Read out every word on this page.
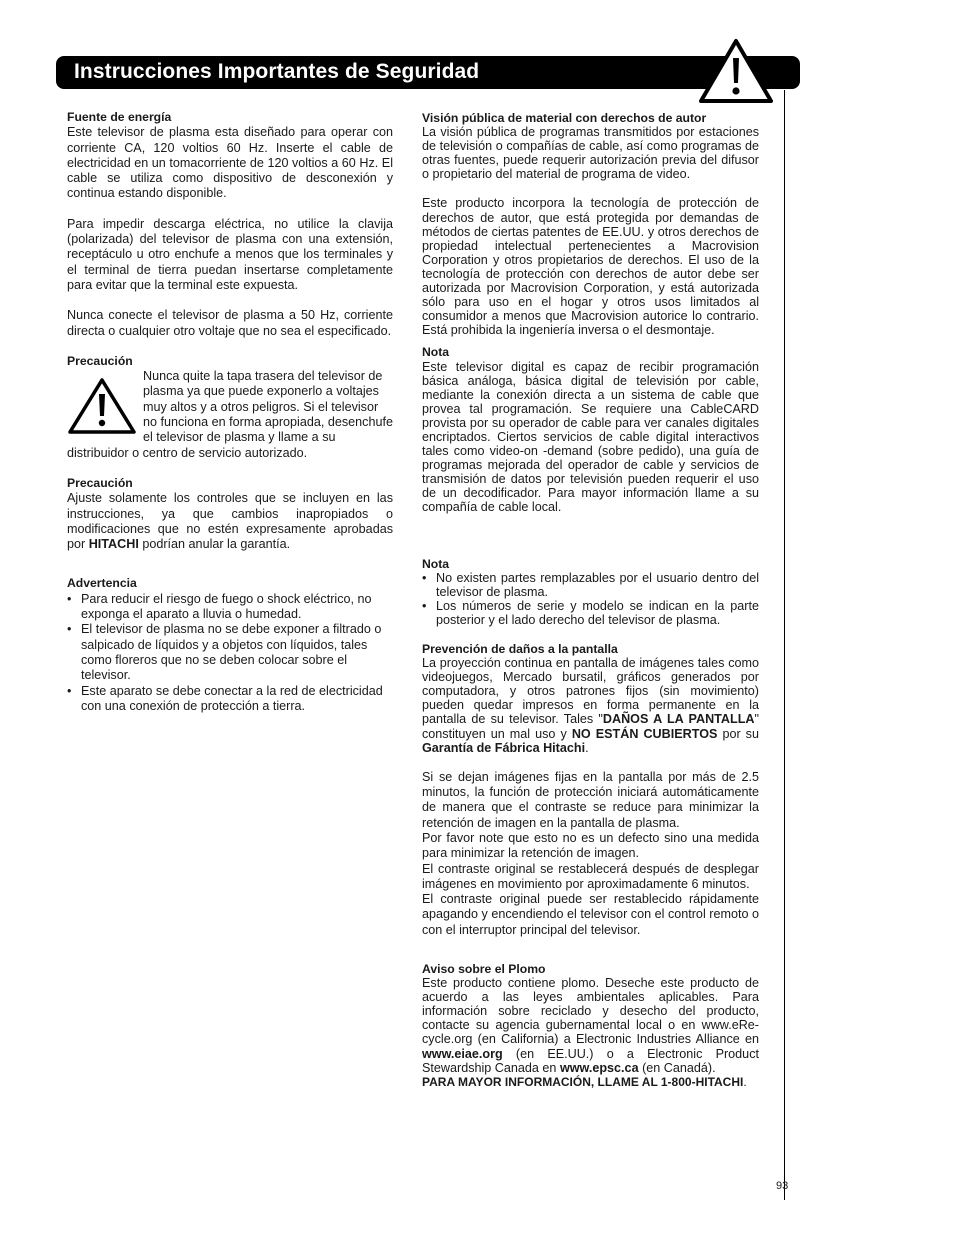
Instrucciones Importantes de Seguridad

Fuente de energía

Este televisor de plasma esta diseñado para operar con corriente CA, 120 voltios 60 Hz. Inserte el cable de electricidad en un tomacorriente de 120 voltios a 60 Hz. El cable se utiliza como dispositivo de desconexión y continua estando disponible.

Para impedir descarga eléctrica, no utilice la clavija (polarizada) del televisor de plasma con una extensión, receptáculo u otro enchufe a menos que los terminales y el terminal de tierra puedan insertarse completamente para evitar que la terminal este expuesta.

Nunca conecte el televisor de plasma a 50 Hz, corriente directa o cualquier otro voltaje que no sea el especificado.

Precaución

Nunca quite la tapa trasera del televisor de plasma ya que puede exponerlo a voltajes muy altos y a otros peligros. Si el televisor no funciona en forma apropiada, desenchufe el televisor de plasma y llame a su distribuidor o centro de servicio autorizado.

Precaución

Ajuste solamente los controles que se incluyen en las instrucciones, ya que cambios inapropiados o modificaciones que no estén expresamente aprobadas por HITACHI podrían anular la garantía.

Advertencia

• Para reducir el riesgo de fuego o shock eléctrico, no exponga el aparato a lluvia o humedad.
• El televisor de plasma no se debe exponer a filtrado o salpicado de líquidos y a objetos con líquidos, tales como floreros que no se deben colocar sobre el televisor.
• Este aparato se debe conectar a la red de electricidad con una conexión de protección a tierra.

Visión pública de material con derechos de autor

La visión pública de programas transmitidos por estaciones de televisión o compañías de cable, así como programas de otras fuentes, puede requerir autorización previa del difusor o propietario del material de programa de video.

Este producto incorpora la tecnología de protección de derechos de autor, que está protegida por demandas de métodos de ciertas patentes de EE.UU. y otros derechos de propiedad intelectual pertenecientes a Macrovision Corporation y otros propietarios de derechos. El uso de la tecnología de protección con derechos de autor debe ser autorizada por Macrovision Corporation, y está autorizada sólo para uso en el hogar y otros usos limitados al consumidor a menos que Macrovision autorice lo contrario. Está prohibida la ingeniería inversa o el desmontaje.

Nota

Este televisor digital es capaz de recibir programación básica análoga, básica digital de televisión por cable, mediante la conexión directa a un sistema de cable que provea tal programación. Se requiere una CableCARD provista por su operador de cable para ver canales digitales encriptados. Ciertos servicios de cable digital interactivos tales como video-on -demand (sobre pedido), una guía de programas mejorada del operador de cable y servicios de transmisión de datos por televisión pueden requerir el uso de un decodificador. Para mayor información llame a su compañía de cable local.

Nota

• No existen partes remplazables por el usuario dentro del televisor de plasma.
• Los números de serie y modelo se indican en la parte posterior y el lado derecho del televisor de plasma.

Prevención de daños a la pantalla

La proyección continua en pantalla de imágenes tales como videojuegos, Mercado bursatil, gráficos generados por computadora, y otros patrones fijos (sin movimiento) pueden quedar impresos en forma permanente en la pantalla de su televisor. Tales "DAÑOS A LA PANTALLA" constituyen un mal uso y NO ESTÁN CUBIERTOS por su Garantía de Fábrica Hitachi.

Si se dejan imágenes fijas en la pantalla por más de 2.5 minutos, la función de protección iniciará automáticamente de manera que el contraste se reduce para minimizar la retención de imagen en la pantalla de plasma.

Por favor note que esto no es un defecto sino una medida para minimizar la retención de imagen.

El contraste original se restablecerá después de desplegar imágenes en movimiento por aproximadamente 6 minutos.

El contraste original puede ser restablecido rápidamente apagando y encendiendo el televisor con el control remoto o con el interruptor principal del televisor.

Aviso sobre el Plomo

Este producto contiene plomo. Deseche este producto de acuerdo a las leyes ambientales aplicables. Para información sobre reciclado y desecho del producto, contacte su agencia gubernamental local o en www.eRe-cycle.org (en California) a Electronic Industries Alliance en www.eiae.org (en EE.UU.) o a Electronic Product Stewardship Canada en www.epsc.ca (en Canadá).

PARA MAYOR INFORMACIÓN, LLAME AL 1-800-HITACHI.

93
